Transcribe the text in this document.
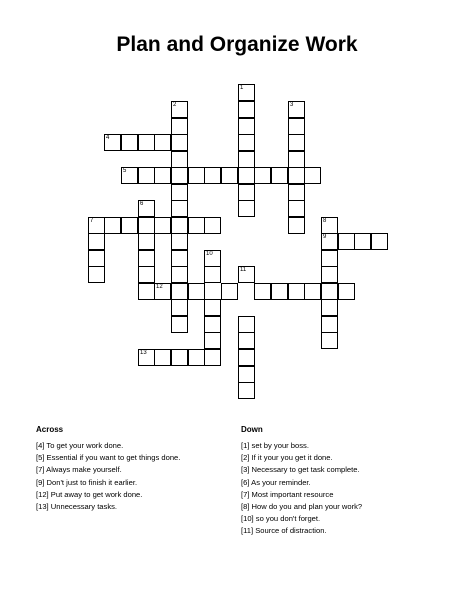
Plan and Organize Work
1
2	3
4
5
6
7	8
9
10
11
12
13
Across
[4] To get your work done.
[5] Essential if you want to get things done.
[7] Always make yourself.
[9] Don't just to finish it earlier.
[12] Put away to get work done.
[13] Unnecessary tasks.
Down
[1] set by your boss.
[2] If it your you get it done.
[3] Necessary to get task complete.
[6] As your reminder.
[7] Most important resource
[8] How do you and plan your work?
[10] so you don't forget.
[11] Source of distraction.
